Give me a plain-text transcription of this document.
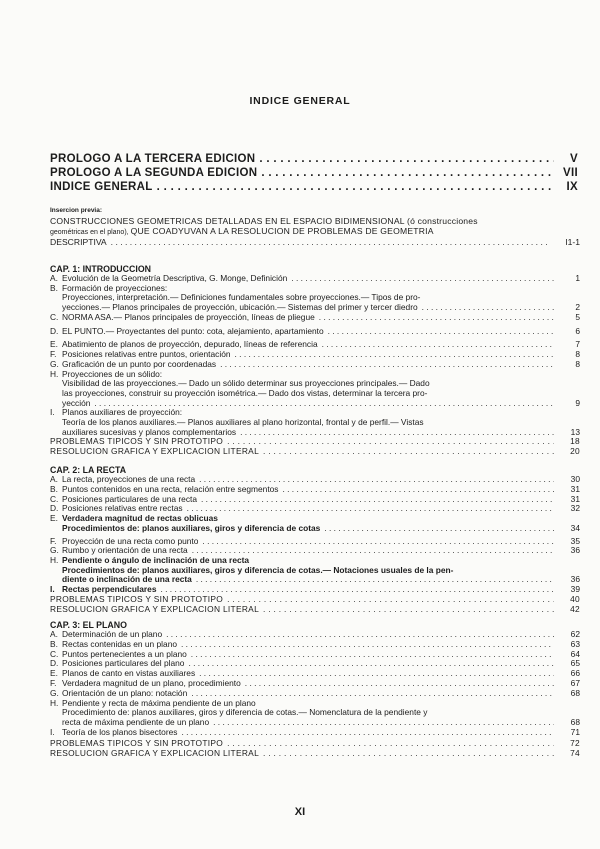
INDICE GENERAL
PROLOGO A LA TERCERA EDICION . . .	V
PROLOGO A LA SEGUNDA EDICION . . .	VII
INDICE GENERAL . . .	IX
Insercion previa:
CONSTRUCCIONES GEOMETRICAS DETALLADAS EN EL ESPACIO BIDIMENSIONAL (ó construcciones
geométricas en el plano), QUE COADYUVAN A LA RESOLUCION DE PROBLEMAS DE GEOMETRIA
DESCRIPTIVA . . .	I1-1
CAP. 1: INTRODUCCION
A. Evolución de la Geometría Descriptiva, G. Monge, Definición . . .	1
B. Formación de proyecciones:
Proyecciones, interpretación.— Definiciones fundamentales sobre proyecciones.— Tipos de pro-
yecciones.— Planos principales de proyección, ubicación.— Sistemas del primer y tercer diedro . . .	2
C. NORMA ASA.— Planos principales de proyección, líneas de pliegue . . .	5
D. EL PUNTO.— Proyectantes del punto: cota, alejamiento, apartamiento . . .	6
E. Abatimiento de planos de proyección, depurado, líneas de referencia . . .	7
F. Posiciones relativas entre puntos, orientación . . .	8
G. Graficación de un punto por coordenadas . . .	8
H. Proyecciones de un sólido:
Visibilidad de las proyecciones.— Dado un sólido determinar sus proyecciones principales.— Dado
las proyecciones, construir su proyección isométrica.— Dado dos vistas, determinar la tercera pro-
yección . . .	9
I. Planos auxiliares de proyección:
Teoría de los planos auxiliares.— Planos auxiliares al plano horizontal, frontal y de perfil.— Vistas
auxiliares sucesivas y planos complementarios . . .	13
PROBLEMAS TIPICOS Y SIN PROTOTIPO . . .	18
RESOLUCION GRAFICA Y EXPLICACION LITERAL . . .	20
CAP. 2: LA RECTA
A. La recta, proyecciones de una recta . . .	30
B. Puntos contenidos en una recta, relación entre segmentos . . .	31
C. Posiciones particulares de una recta . . .	31
D. Posiciones relativas entre rectas . . .	32
E. Verdadera magnitud de rectas oblicuas
Procedimientos de: planos auxiliares, giros y diferencia de cotas . . .	34
F. Proyección de una recta como punto . . .	35
G. Rumbo y orientación de una recta . . .	36
H. Pendiente o ángulo de inclinación de una recta
Procedimientos de: planos auxiliares, giros y diferencia de cotas.— Notaciones usuales de la pen-
diente o inclinación de una recta . . .	36
I. Rectas perpendiculares . . .	39
PROBLEMAS TIPICOS Y SIN PROTOTIPO . . .	40
RESOLUCION GRAFICA Y EXPLICACION LITERAL . . .	42
CAP. 3: EL PLANO
A. Determinación de un plano . . .	62
B. Rectas contenidas en un plano . . .	63
C. Puntos pertenecientes a un plano . . .	64
D. Posiciones particulares del plano . . .	65
E. Planos de canto en vistas auxiliares . . .	66
F. Verdadera magnitud de un plano, procedimiento . . .	67
G. Orientación de un plano: notación . . .	68
H. Pendiente y recta de máxima pendiente de un plano
Procedimiento de: planos auxiliares, giros y diferencia de cotas.— Nomenclatura de la pendiente y
recta de máxima pendiente de un plano . . .	68
I. Teoría de los planos bisectores . . .	71
PROBLEMAS TIPICOS Y SIN PROTOTIPO . . .	72
RESOLUCION GRAFICA Y EXPLICACION LITERAL . . .	74
XI
